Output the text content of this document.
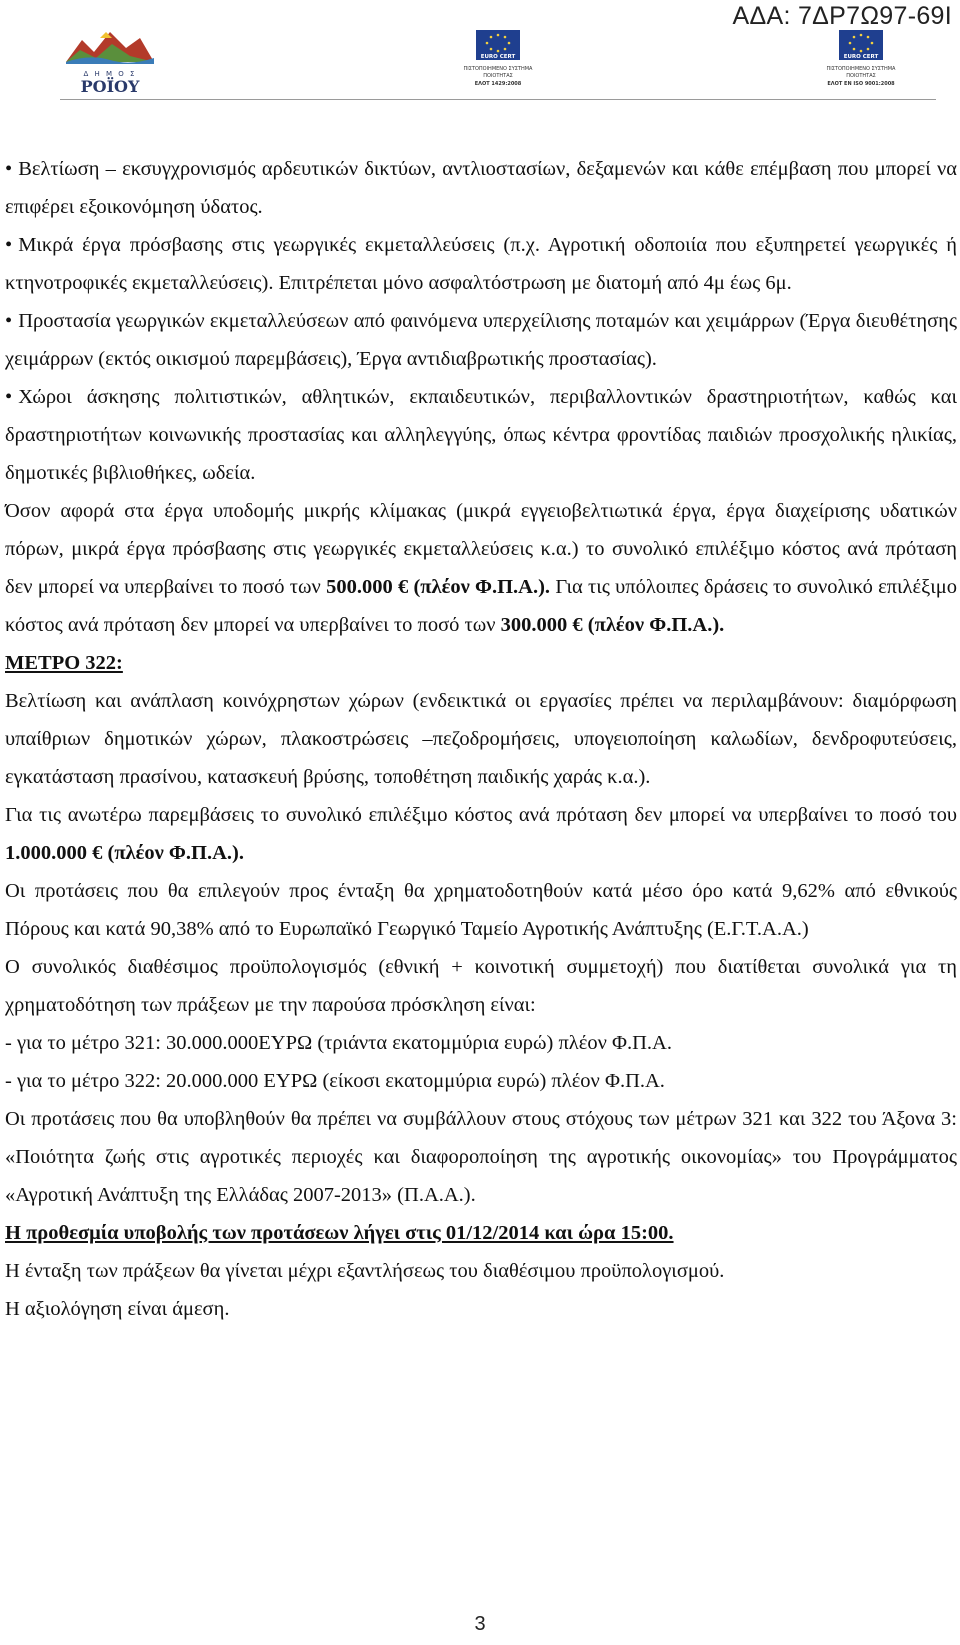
ΑΔΑ: 7ΔΡ7Ω97-69Ι
Δ Η Μ Ο Σ
ΡΟΪΟΥ
EURO CERT
ΠΙΣΤΟΠΟΙΗΜΕΝΟ ΣΥΣΤΗΜΑ
ΠΟΙΟΤΗΤΑΣ
ΕΛΟΤ 1429:2008
EURO CERT
ΠΙΣΤΟΠΟΙΗΜΕΝΟ ΣΥΣΤΗΜΑ
ΠΟΙΟΤΗΤΑΣ
ΕΛΟΤ ΕΝ ISO 9001:2008

• Βελτίωση – εκσυγχρονισμός αρδευτικών δικτύων, αντλιοστασίων, δεξαμενών και κάθε επέμβαση που μπορεί να επιφέρει εξοικονόμηση ύδατος.

• Μικρά έργα πρόσβασης στις γεωργικές εκμεταλλεύσεις (π.χ. Αγροτική οδοποιία που εξυπηρετεί γεωργικές ή κτηνοτροφικές εκμεταλλεύσεις). Επιτρέπεται μόνο ασφαλτόστρωση με διατομή από 4μ έως 6μ.

• Προστασία γεωργικών εκμεταλλεύσεων από φαινόμενα υπερχείλισης ποταμών και χειμάρρων (Έργα διευθέτησης χειμάρρων (εκτός οικισμού παρεμβάσεις), Έργα αντιδιαβρωτικής προστασίας).

• Χώροι άσκησης πολιτιστικών, αθλητικών, εκπαιδευτικών, περιβαλλοντικών δραστηριοτήτων, καθώς και δραστηριοτήτων κοινωνικής προστασίας και αλληλεγγύης, όπως κέντρα φροντίδας παιδιών προσχολικής ηλικίας, δημοτικές βιβλιοθήκες, ωδεία.

Όσον αφορά στα έργα υποδομής μικρής κλίμακας (μικρά εγγειοβελτιωτικά έργα, έργα διαχείρισης υδατικών πόρων, μικρά έργα πρόσβασης στις γεωργικές εκμεταλλεύσεις κ.α.) το συνολικό επιλέξιμο κόστος ανά πρόταση δεν μπορεί να υπερβαίνει το ποσό των 500.000 € (πλέον Φ.Π.Α.). Για τις υπόλοιπες δράσεις το συνολικό επιλέξιμο κόστος ανά πρόταση δεν μπορεί να υπερβαίνει το ποσό των 300.000 € (πλέον Φ.Π.Α.).

ΜΕΤΡΟ 322:

Βελτίωση και ανάπλαση κοινόχρηστων χώρων (ενδεικτικά οι εργασίες πρέπει να περιλαμβάνουν: διαμόρφωση υπαίθριων δημοτικών χώρων, πλακοστρώσεις –πεζοδρομήσεις, υπογειοποίηση καλωδίων, δενδροφυτεύσεις, εγκατάσταση πρασίνου, κατασκευή βρύσης, τοποθέτηση παιδικής χαράς κ.α.).

Για τις ανωτέρω παρεμβάσεις το συνολικό επιλέξιμο κόστος ανά πρόταση δεν μπορεί να υπερβαίνει το ποσό του 1.000.000 € (πλέον Φ.Π.Α.).

Οι προτάσεις που θα επιλεγούν προς ένταξη θα χρηματοδοτηθούν κατά μέσο όρο κατά 9,62% από εθνικούς Πόρους και κατά 90,38% από το Ευρωπαϊκό Γεωργικό Ταμείο Αγροτικής Ανάπτυξης (Ε.Γ.Τ.Α.Α.)

Ο συνολικός διαθέσιμος προϋπολογισμός (εθνική + κοινοτική συμμετοχή) που διατίθεται συνολικά για τη χρηματοδότηση των πράξεων με την παρούσα πρόσκληση είναι:

- για το μέτρο 321: 30.000.000ΕΥΡΩ (τριάντα εκατομμύρια ευρώ) πλέον Φ.Π.Α.

- για το μέτρο 322: 20.000.000 ΕΥΡΩ (είκοσι εκατομμύρια ευρώ) πλέον Φ.Π.Α.

Οι προτάσεις που θα υποβληθούν θα πρέπει να συμβάλλουν στους στόχους των μέτρων 321 και 322 του Άξονα 3: «Ποιότητα ζωής στις αγροτικές περιοχές και διαφοροποίηση της αγροτικής οικονομίας» του Προγράμματος «Αγροτική Ανάπτυξη της Ελλάδας 2007-2013» (Π.Α.Α.).

Η προθεσμία υποβολής των προτάσεων λήγει στις 01/12/2014 και ώρα 15:00.

Η ένταξη των πράξεων θα γίνεται μέχρι εξαντλήσεως του διαθέσιμου προϋπολογισμού.

Η αξιολόγηση είναι άμεση.

3
